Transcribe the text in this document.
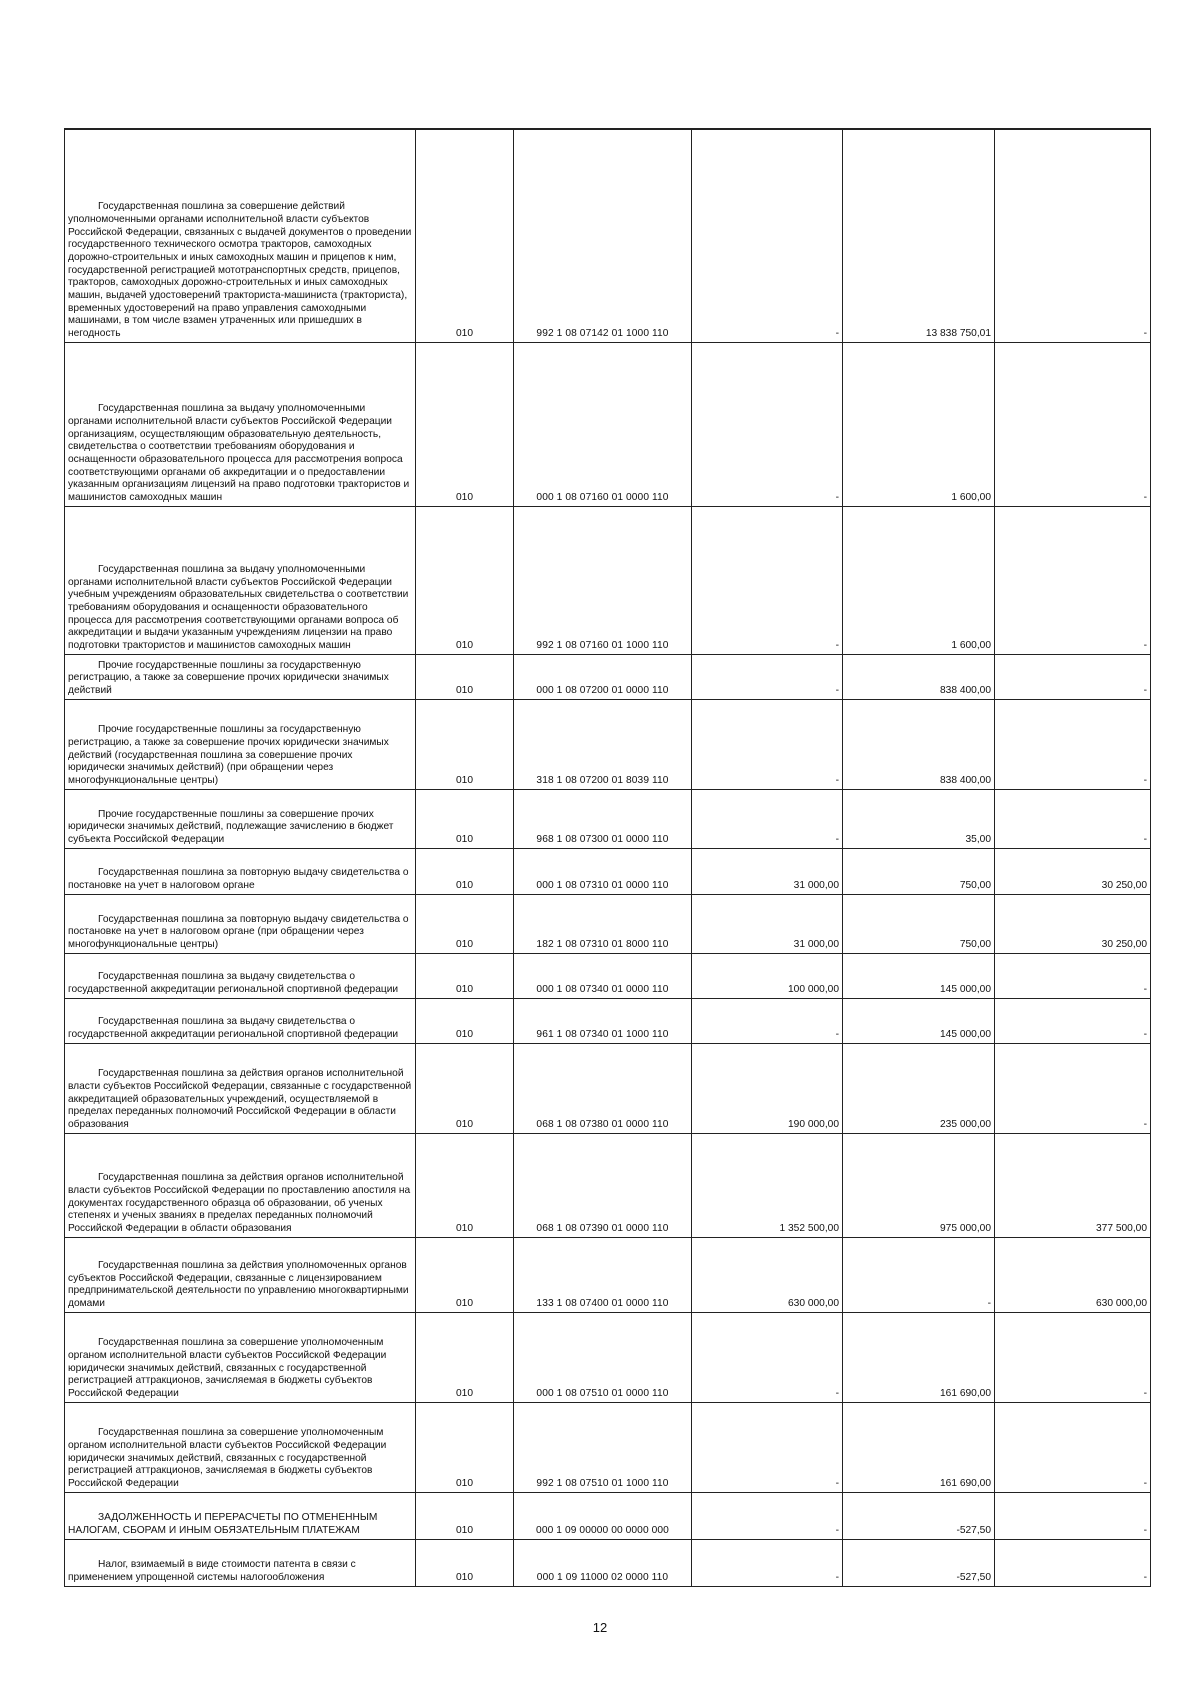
Государственная пошлина за совершение действий уполномоченными органами исполнительной власти субъектов Российской Федерации, связанных с выдачей документов о проведении государственного технического осмотра тракторов, самоходных дорожно-строительных и иных самоходных машин и прицепов к ним, государственной регистрацией мототранспортных средств, прицепов, тракторов, самоходных дорожно-строительных и иных самоходных машин, выдачей удостоверений тракториста-машиниста (тракториста), временных удостоверений на право управления самоходными машинами, в том числе взамен утраченных или пришедших в негодность	010	992 1 08 07142 01 1000 110	-	13 838 750,01	-

Государственная пошлина за выдачу уполномоченными органами исполнительной власти субъектов Российской Федерации организациям, осуществляющим образовательную деятельность, свидетельства о соответствии требованиям оборудования и оснащенности образовательного процесса для рассмотрения вопроса соответствующими органами об аккредитации и о предоставлении указанным организациям лицензий на право подготовки трактористов и машинистов самоходных машин	010	000 1 08 07160 01 0000 110	-	1 600,00	-

Государственная пошлина за выдачу уполномоченными органами исполнительной власти субъектов Российской Федерации учебным учреждениям образовательных свидетельства о соответствии требованиям оборудования и оснащенности образовательного процесса для рассмотрения соответствующими органами вопроса об аккредитации и выдачи указанным учреждениям лицензии на право подготовки трактористов и машинистов самоходных машин	010	992 1 08 07160 01 1000 110	-	1 600,00	-

Прочие государственные пошлины за государственную регистрацию, а также за совершение прочих юридически значимых действий	010	000 1 08 07200 01 0000 110	-	838 400,00	-

Прочие государственные пошлины за государственную регистрацию, а также за совершение прочих юридически значимых действий (государственная пошлина за совершение прочих юридически значимых действий) (при обращении через многофункциональные центры)	010	318 1 08 07200 01 8039 110	-	838 400,00	-

Прочие государственные пошлины за совершение прочих юридически значимых действий, подлежащие зачислению в бюджет субъекта Российской Федерации	010	968 1 08 07300 01 0000 110	-	35,00	-

Государственная пошлина за повторную выдачу свидетельства о постановке на учет в налоговом органе	010	000 1 08 07310 01 0000 110	31 000,00	750,00	30 250,00

Государственная пошлина за повторную выдачу свидетельства о постановке на учет в налоговом органе (при обращении через многофункциональные центры)	010	182 1 08 07310 01 8000 110	31 000,00	750,00	30 250,00

Государственная пошлина за выдачу свидетельства о государственной аккредитации региональной спортивной федерации	010	000 1 08 07340 01 0000 110	100 000,00	145 000,00	-

Государственная пошлина за выдачу свидетельства о государственной аккредитации региональной спортивной федерации	010	961 1 08 07340 01 1000 110	-	145 000,00	-

Государственная пошлина за действия органов исполнительной власти субъектов Российской Федерации, связанные с государственной аккредитацией образовательных учреждений, осуществляемой в пределах переданных полномочий Российской Федерации в области образования	010	068 1 08 07380 01 0000 110	190 000,00	235 000,00	-

Государственная пошлина за действия органов исполнительной власти субъектов Российской Федерации по проставлению апостиля на документах государственного образца об образовании, об ученых степенях и ученых званиях в пределах переданных полномочий Российской Федерации в области образования	010	068 1 08 07390 01 0000 110	1 352 500,00	975 000,00	377 500,00

Государственная пошлина за действия уполномоченных органов субъектов Российской Федерации, связанные с лицензированием предпринимательской деятельности по управлению многоквартирными домами	010	133 1 08 07400 01 0000 110	630 000,00	-	630 000,00

Государственная пошлина за совершение уполномоченным органом исполнительной власти субъектов Российской Федерации юридически значимых действий, связанных с государственной регистрацией аттракционов, зачисляемая в бюджеты субъектов Российской Федерации	010	000 1 08 07510 01 0000 110	-	161 690,00	-

Государственная пошлина за совершение уполномоченным органом исполнительной власти субъектов Российской Федерации юридически значимых действий, связанных с государственной регистрацией аттракционов, зачисляемая в бюджеты субъектов Российской Федерации	010	992 1 08 07510 01 1000 110	-	161 690,00	-

ЗАДОЛЖЕННОСТЬ И ПЕРЕРАСЧЕТЫ ПО ОТМЕНЕННЫМ НАЛОГАМ, СБОРАМ И ИНЫМ ОБЯЗАТЕЛЬНЫМ ПЛАТЕЖАМ	010	000 1 09 00000 00 0000 000	-	-527,50	-

Налог, взимаемый в виде стоимости патента в связи с применением упрощенной системы налогообложения	010	000 1 09 11000 02 0000 110	-	-527,50	-
12
